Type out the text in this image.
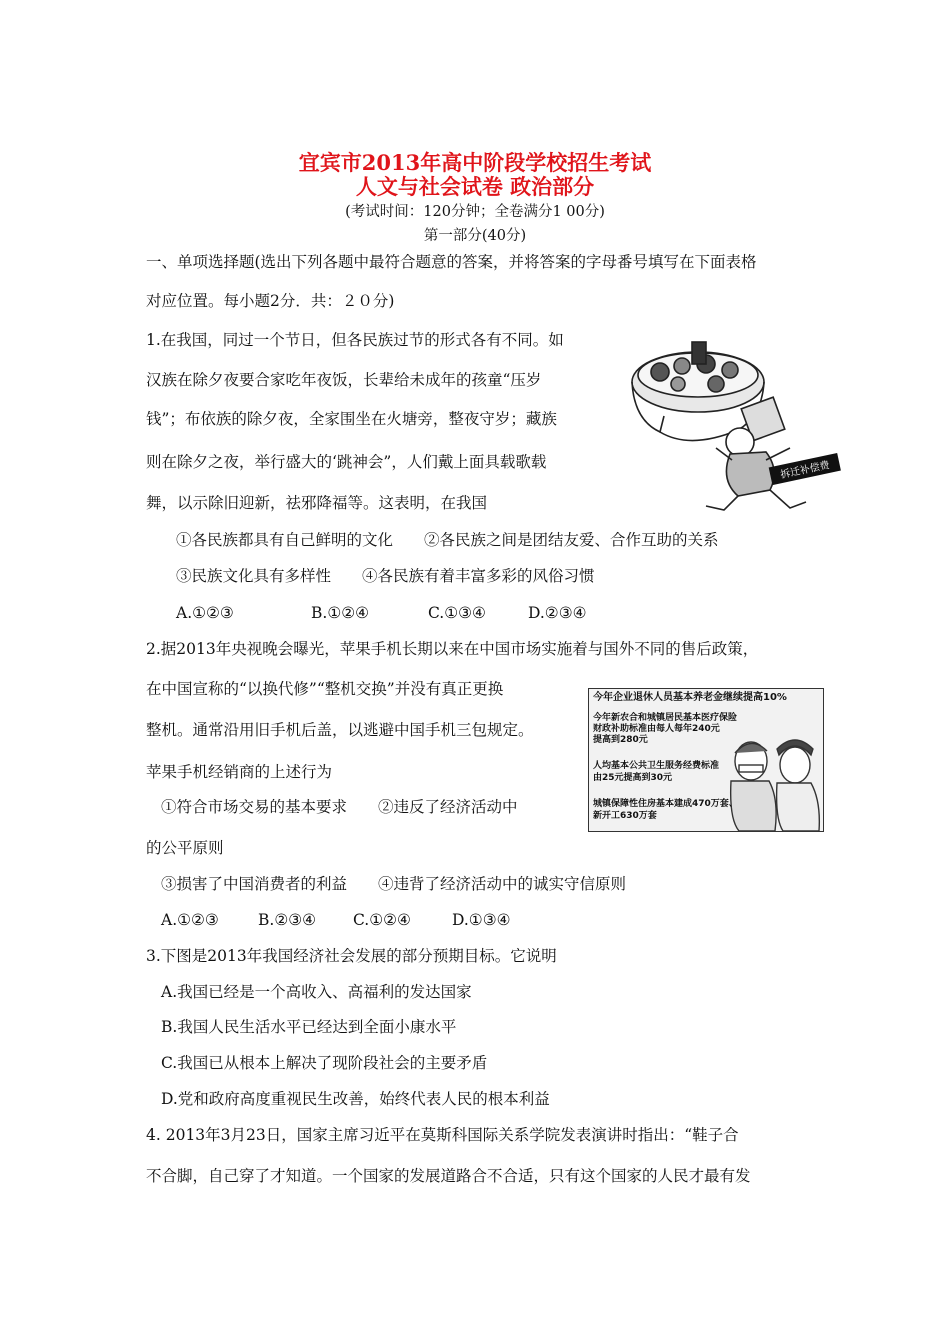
宜宾市2013年高中阶段学校招生考试
人文与社会试卷 政治部分
(考试时间：120分钟；全卷满分1 00分)
第一部分(40分)
一、单项选择题(选出下列各题中最符合题意的答案，并将答案的字母番号填写在下面表格
对应位置。每小题2分．共：２０分)
1.在我国，同过一个节日，但各民族过节的形式各有不同。如
汉族在除夕夜要合家吃年夜饭，长辈给未成年的孩童“压岁
钱”；布依族的除夕夜，全家围坐在火塘旁，整夜守岁；藏族
则在除夕之夜，举行盛大的‘跳神会”，人们戴上面具载歌载
舞，以示除旧迎新，祛邪降福等。这表明，在我国
①各民族都具有自己鲜明的文化　　②各民族之间是团结友爱、合作互助的关系
③民族文化具有多样性　　④各民族有着丰富多彩的风俗习惯
A.①②③	B.①②④	C.①③④	D.②③④
拆迁补偿费
2.据2013年央视晚会曝光，苹果手机长期以来在中国市场实施着与国外不同的售后政策，
在中国宣称的“以换代修”“整机交换”并没有真正更换
整机。通常沿用旧手机后盖，以逃避中国手机三包规定。
苹果手机经销商的上述行为
①符合市场交易的基本要求　　②违反了经济活动中
的公平原则
③损害了中国消费者的利益　　④违背了经济活动中的诚实守信原则
A.①②③	B.②③④ C.①②④	D.①③④
今年企业退休人员基本养老金继续提高10%
今年新农合和城镇居民基本医疗保险
财政补助标准由每人每年240元
提高到280元
人均基本公共卫生服务经费标准
由25元提高到30元
城镇保障性住房基本建成470万套、
新开工630万套
3.下图是2013年我国经济社会发展的部分预期目标。它说明
A.我国已经是一个高收入、高福利的发达国家
B.我国人民生活水平已经达到全面小康水平
C.我国已从根本上解决了现阶段社会的主要矛盾
D.党和政府高度重视民生改善，始终代表人民的根本利益
4. 2013年3月23日，国家主席习近平在莫斯科国际关系学院发表演讲时指出：“鞋子合
不合脚，自己穿了才知道。一个国家的发展道路合不合适，只有这个国家的人民才最有发
